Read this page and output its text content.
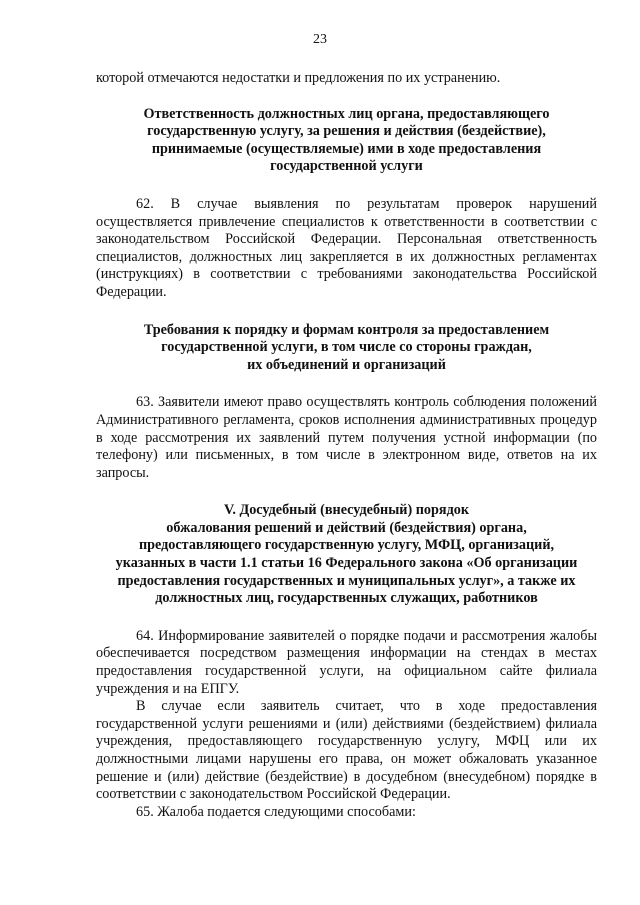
23

которой отмечаются недостатки и предложения по их устранению.

Ответственность должностных лиц органа, предоставляющего
государственную услугу, за решения и действия (бездействие),
принимаемые (осуществляемые) ими в ходе предоставления
государственной услуги

62. В случае выявления по результатам проверок нарушений осуществляется привлечение специалистов к ответственности в соответствии с законодательством Российской Федерации. Персональная ответственность специалистов, должностных лиц закрепляется в их должностных регламентах (инструкциях) в соответствии с требованиями законодательства Российской Федерации.

Требования к порядку и формам контроля за предоставлением
государственной услуги, в том числе со стороны граждан,
их объединений и организаций

63. Заявители имеют право осуществлять контроль соблюдения положений Административного регламента, сроков исполнения административных процедур в ходе рассмотрения их заявлений путем получения устной информации (по телефону) или письменных, в том числе в электронном виде, ответов на их запросы.

V. Досудебный (внесудебный) порядок
обжалования решений и действий (бездействия) органа,
предоставляющего государственную услугу, МФЦ, организаций,
указанных в части 1.1 статьи 16 Федерального закона «Об организации
предоставления государственных и муниципальных услуг», а также их
должностных лиц, государственных служащих, работников

64. Информирование заявителей о порядке подачи и рассмотрения жалобы обеспечивается посредством размещения информации на стендах в местах предоставления государственной услуги, на официальном сайте филиала учреждения и на ЕПГУ.

В случае если заявитель считает, что в ходе предоставления государственной услуги решениями и (или) действиями (бездействием) филиала учреждения, предоставляющего государственную услугу, МФЦ или их должностными лицами нарушены его права, он может обжаловать указанное решение и (или) действие (бездействие) в досудебном (внесудебном) порядке в соответствии с законодательством Российской Федерации.

65. Жалоба подается следующими способами:
